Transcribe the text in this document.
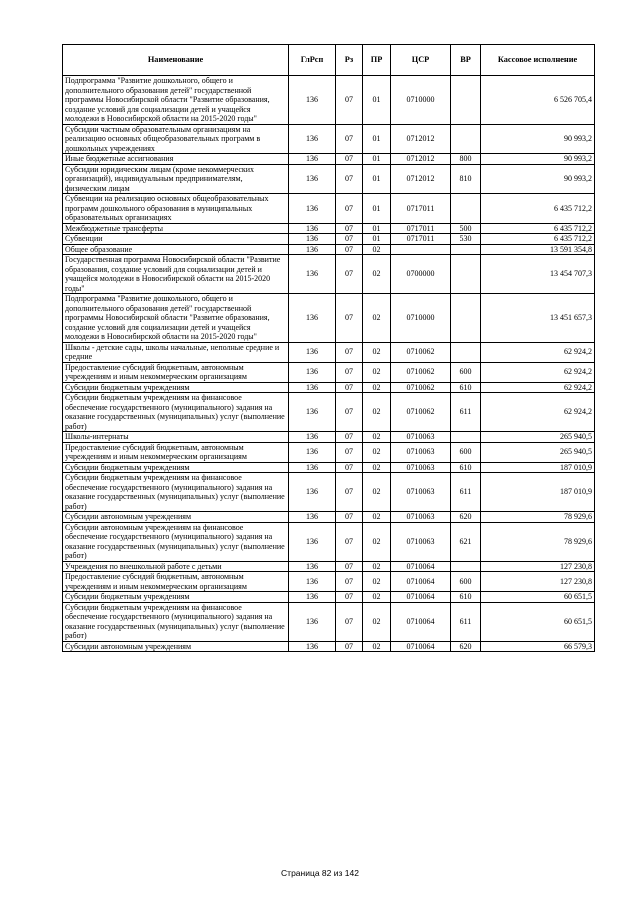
Наименование	ГлРсп	Рз	ПР	ЦСР	ВР	Кассовое исполнение
Подпрограмма "Развитие дошкольного, общего и дополнительного образования детей" государственной программы Новосибирской области "Развитие образования, создание условий для социализации детей и учащейся молодежи в Новосибирской области на 2015-2020 годы"	136	07	01	0710000		6 526 705,4
Субсидии частным образовательным организациям на реализацию основных общеобразовательных программ в дошкольных учреждениях	136	07	01	0712012		90 993,2
Иные бюджетные ассигнования	136	07	01	0712012	800	90 993,2
Субсидии юридическим лицам (кроме некоммерческих организаций), индивидуальным предпринимателям, физическим лицам	136	07	01	0712012	810	90 993,2
Субвенции на реализацию основных общеобразовательных программ дошкольного образования в муниципальных образовательных организациях	136	07	01	0717011		6 435 712,2
Межбюджетные трансферты	136	07	01	0717011	500	6 435 712,2
Субвенции	136	07	01	0717011	530	6 435 712,2
Общее образование	136	07	02			13 591 354,8
Государственная программа Новосибирской области "Развитие образования, создание условий для социализации детей и учащейся молодежи в Новосибирской области на 2015-2020 годы"	136	07	02	0700000		13 454 707,3
Подпрограмма "Развитие дошкольного, общего и дополнительного образования детей" государственной программы Новосибирской области "Развитие образования, создание условий для социализации детей и учащейся молодежи в Новосибирской области на 2015-2020 годы"	136	07	02	0710000		13 451 657,3
Школы - детские сады, школы начальные, неполные средние и средние	136	07	02	0710062		62 924,2
Предоставление субсидий бюджетным, автономным учреждениям и иным некоммерческим организациям	136	07	02	0710062	600	62 924,2
Субсидии бюджетным учреждениям	136	07	02	0710062	610	62 924,2
Субсидии бюджетным учреждениям на финансовое обеспечение государственного (муниципального) задания на оказание государственных (муниципальных) услуг (выполнение работ)	136	07	02	0710062	611	62 924,2
Школы-интернаты	136	07	02	0710063		265 940,5
Предоставление субсидий бюджетным, автономным учреждениям и иным некоммерческим организациям	136	07	02	0710063	600	265 940,5
Субсидии бюджетным учреждениям	136	07	02	0710063	610	187 010,9
Субсидии бюджетным учреждениям на финансовое обеспечение государственного (муниципального) задания на оказание государственных (муниципальных) услуг (выполнение работ)	136	07	02	0710063	611	187 010,9
Субсидии автономным учреждениям	136	07	02	0710063	620	78 929,6
Субсидии автономным учреждениям на финансовое обеспечение государственного (муниципального) задания на оказание государственных (муниципальных) услуг (выполнение работ)	136	07	02	0710063	621	78 929,6
Учреждения по внешкольной работе с детьми	136	07	02	0710064		127 230,8
Предоставление субсидий бюджетным, автономным учреждениям и иным некоммерческим организациям	136	07	02	0710064	600	127 230,8
Субсидии бюджетным учреждениям	136	07	02	0710064	610	60 651,5
Субсидии бюджетным учреждениям на финансовое обеспечение государственного (муниципального) задания на оказание государственных (муниципальных) услуг (выполнение работ)	136	07	02	0710064	611	60 651,5
Субсидии автономным учреждениям	136	07	02	0710064	620	66 579,3
Страница 82 из 142
